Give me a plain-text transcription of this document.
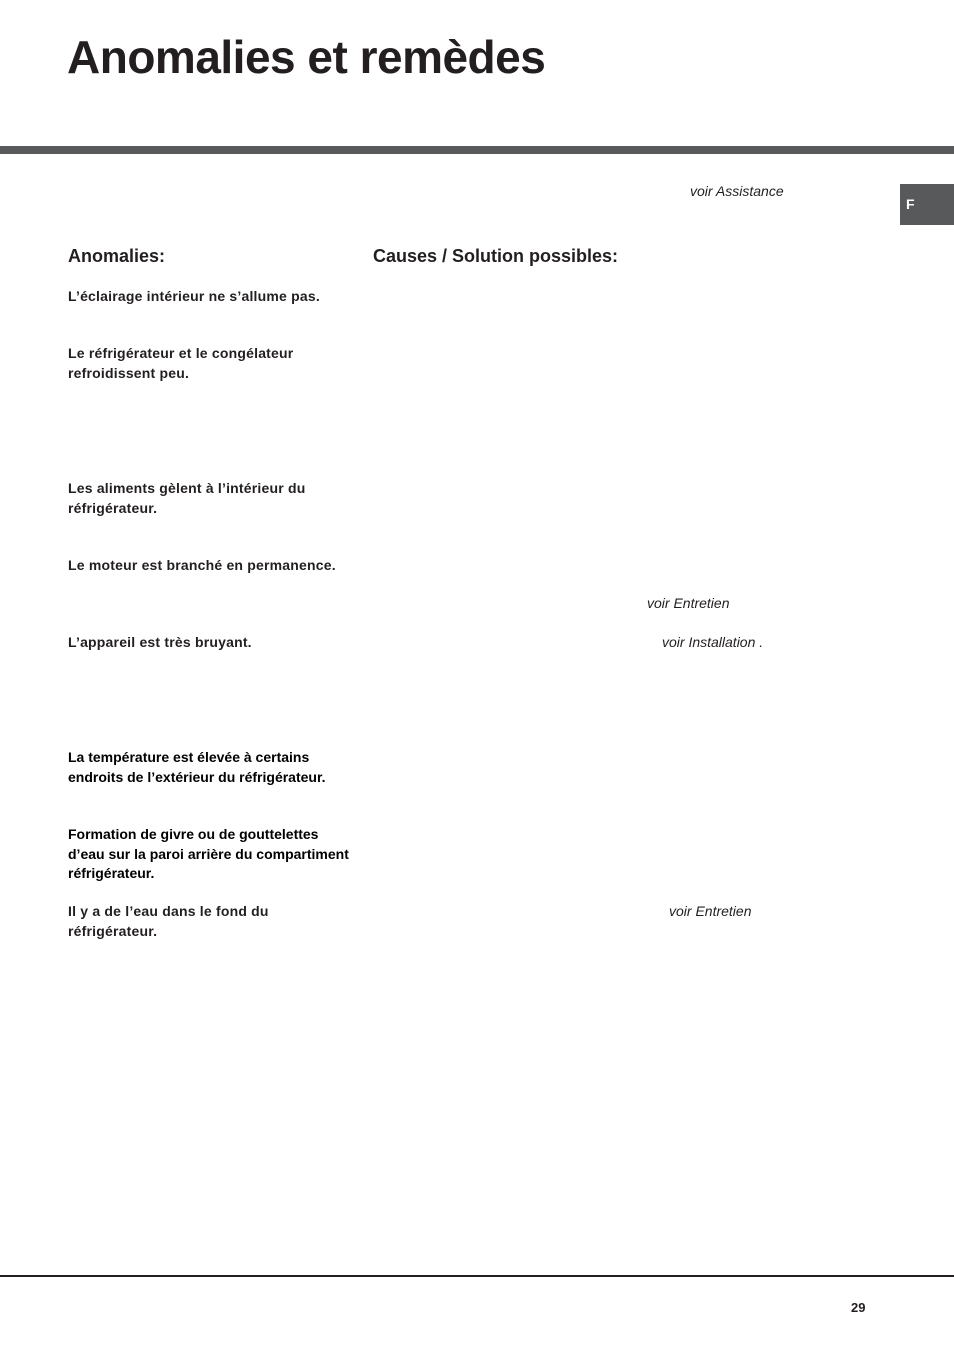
Anomalies et remèdes
F
voir Assistance
Anomalies:	Causes / Solution possibles:

L’éclairage intérieur ne s’allume pas.

Le réfrigérateur et le congélateur refroidissent peu.

Les aliments gèlent à l’intérieur du réfrigérateur.

Le moteur est branché en permanence.

voir Entretien

L’appareil est très bruyant.	voir Installation .

La température est élevée à certains endroits de l’extérieur du réfrigérateur.

Formation de givre ou de gouttelettes d’eau sur la paroi arrière du compartiment réfrigérateur.

Il y a de l’eau dans le fond du réfrigérateur.

voir Entretien
29
